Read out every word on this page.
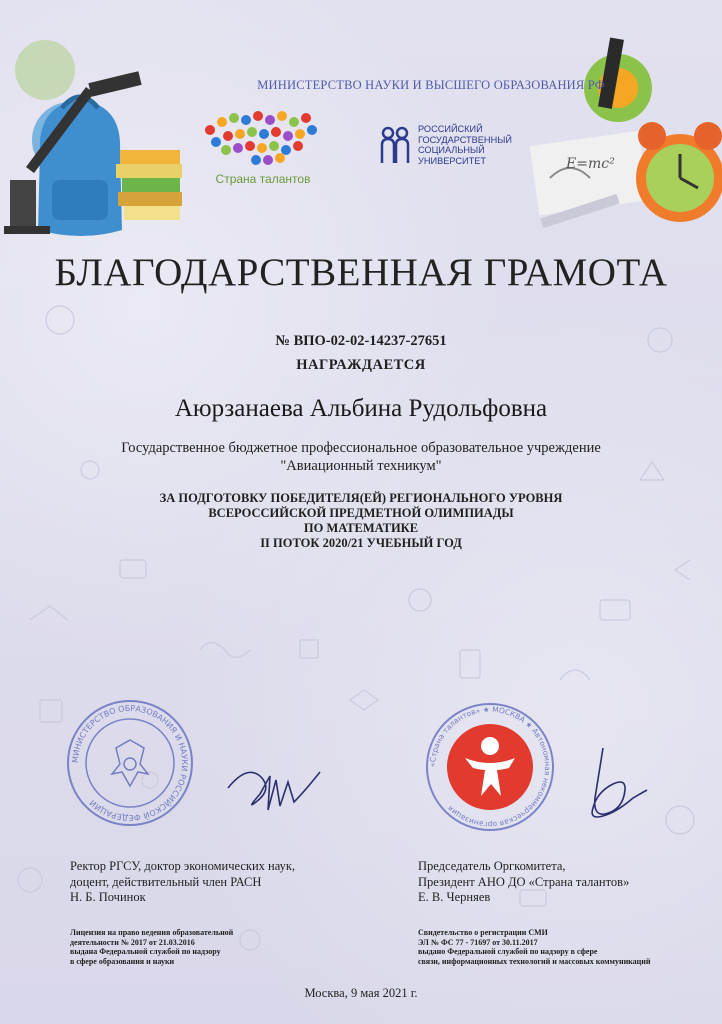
E=mc²
МИНИСТЕРСТВО НАУКИ И ВЫСШЕГО ОБРАЗОВАНИЯ РФ
Страна талантов
РОССИЙСКИЙ
ГОСУДАРСТВЕННЫЙ
СОЦИАЛЬНЫЙ
УНИВЕРСИТЕТ
БЛАГОДАРСТВЕННАЯ ГРАМОТА
№ ВПО-02-02-14237-27651
НАГРАЖДАЕТСЯ
Аюрзанаева Альбина Рудольфовна
Государственное бюджетное профессиональное образовательное учреждение
"Авиационный техникум"
ЗА ПОДГОТОВКУ ПОБЕДИТЕЛЯ(ЕЙ) РЕГИОНАЛЬНОГО УРОВНЯ
ВСЕРОССИЙСКОЙ ПРЕДМЕТНОЙ ОЛИМПИАДЫ
ПО МАТЕМАТИКЕ
II ПОТОК 2020/21 УЧЕБНЫЙ ГОД
МИНИСТЕРСТВО ОБРАЗОВАНИЯ И НАУКИ РОССИЙСКОЙ ФЕДЕРАЦИИ
«Страна талантов» ★ МОСКВА ★ Автономная некоммерческая организация
Ректор РГСУ, доктор экономических наук,
доцент, действительный член РАСН
Н. Б. Починок
Председатель Оргкомитета,
Президент АНО ДО «Страна талантов»
Е. В. Черняев
Лицензия на право ведения образовательной
деятельности № 2017 от 21.03.2016
выдана Федеральной службой по надзору
в сфере образования и науки
Свидетельство о регистрации СМИ
ЭЛ № ФС 77 - 71697 от 30.11.2017
выдано Федеральной службой по надзору в сфере
связи, информационных технологий и массовых коммуникаций
Москва, 9 мая 2021 г.
